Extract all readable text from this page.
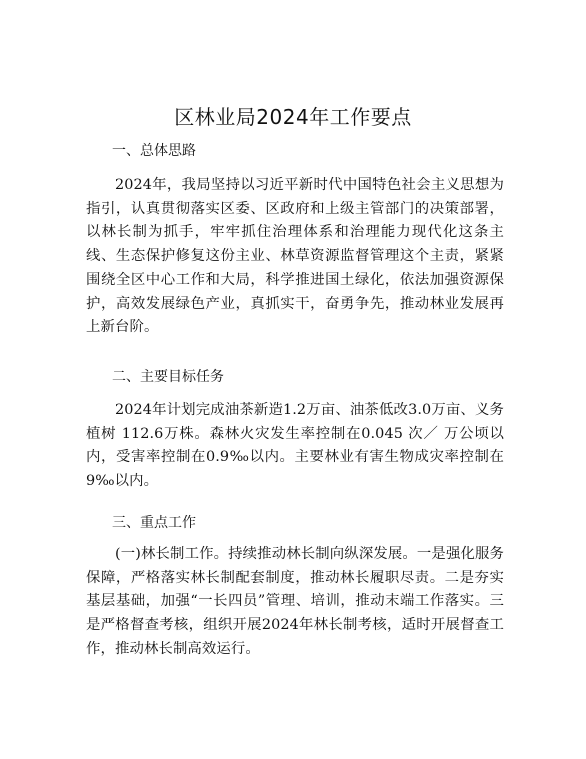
区林业局2024年工作要点
一、总体思路
2024年，我局坚持以习近平新时代中国特色社会主义思想为指引，认真贯彻落实区委、区政府和上级主管部门的决策部署，以林长制为抓手，牢牢抓住治理体系和治理能力现代化这条主线、生态保护修复这份主业、林草资源监督管理这个主责，紧紧围绕全区中心工作和大局，科学推进国土绿化，依法加强资源保护，高效发展绿色产业，真抓实干，奋勇争先，推动林业发展再上新台阶。
二、主要目标任务
2024年计划完成油茶新造1.2万亩、油茶低改3.0万亩、义务植树 112.6万株。森林火灾发生率控制在0.045 次／ 万公顷以内，受害率控制在0.9‰以内。主要林业有害生物成灾率控制在9‰以内。
三、重点工作
(一)林长制工作。持续推动林长制向纵深发展。一是强化服务保障，严格落实林长制配套制度，推动林长履职尽责。二是夯实基层基础，加强“一长四员”管理、培训，推动末端工作落实。三是严格督查考核，组织开展2024年林长制考核，适时开展督查工作，推动林长制高效运行。
